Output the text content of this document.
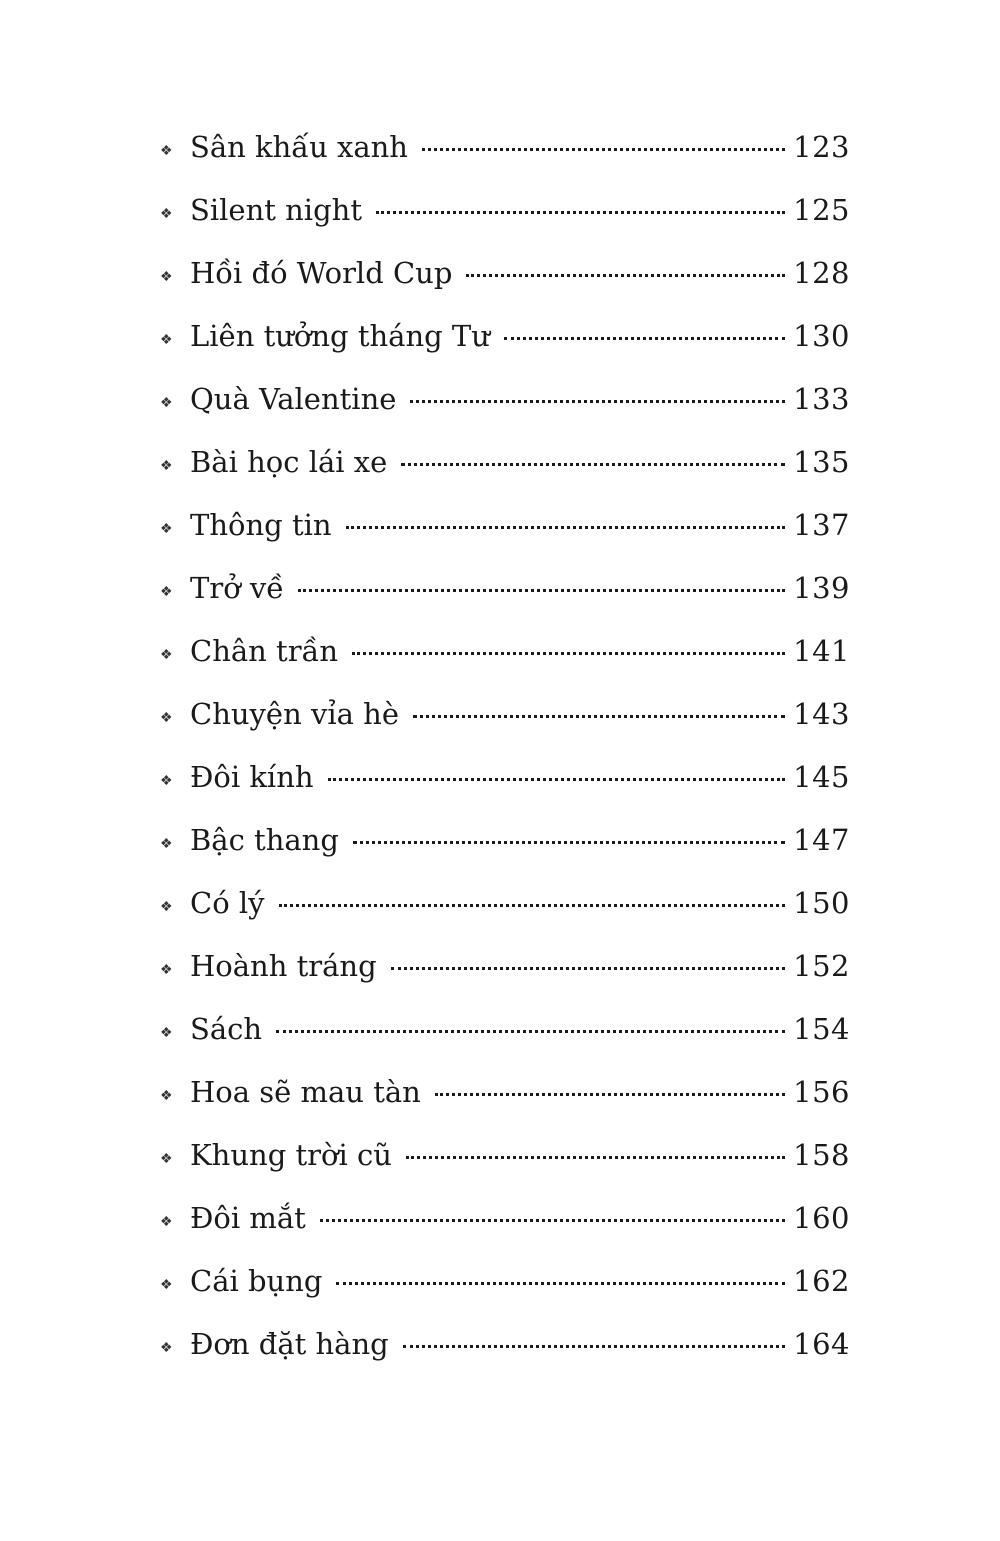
❖ Sân khấu xanh	123
❖ Silent night	125
❖ Hồi đó World Cup	128
❖ Liên tưởng tháng Tư	130
❖ Quà Valentine	133
❖ Bài học lái xe	135
❖ Thông tin	137
❖ Trở về	139
❖ Chân trần	141
❖ Chuyện vỉa hè	143
❖ Đôi kính	145
❖ Bậc thang	147
❖ Có lý	150
❖ Hoành tráng	152
❖ Sách	154
❖ Hoa sẽ mau tàn	156
❖ Khung trời cũ	158
❖ Đôi mắt	160
❖ Cái bụng	162
❖ Đơn đặt hàng	164
